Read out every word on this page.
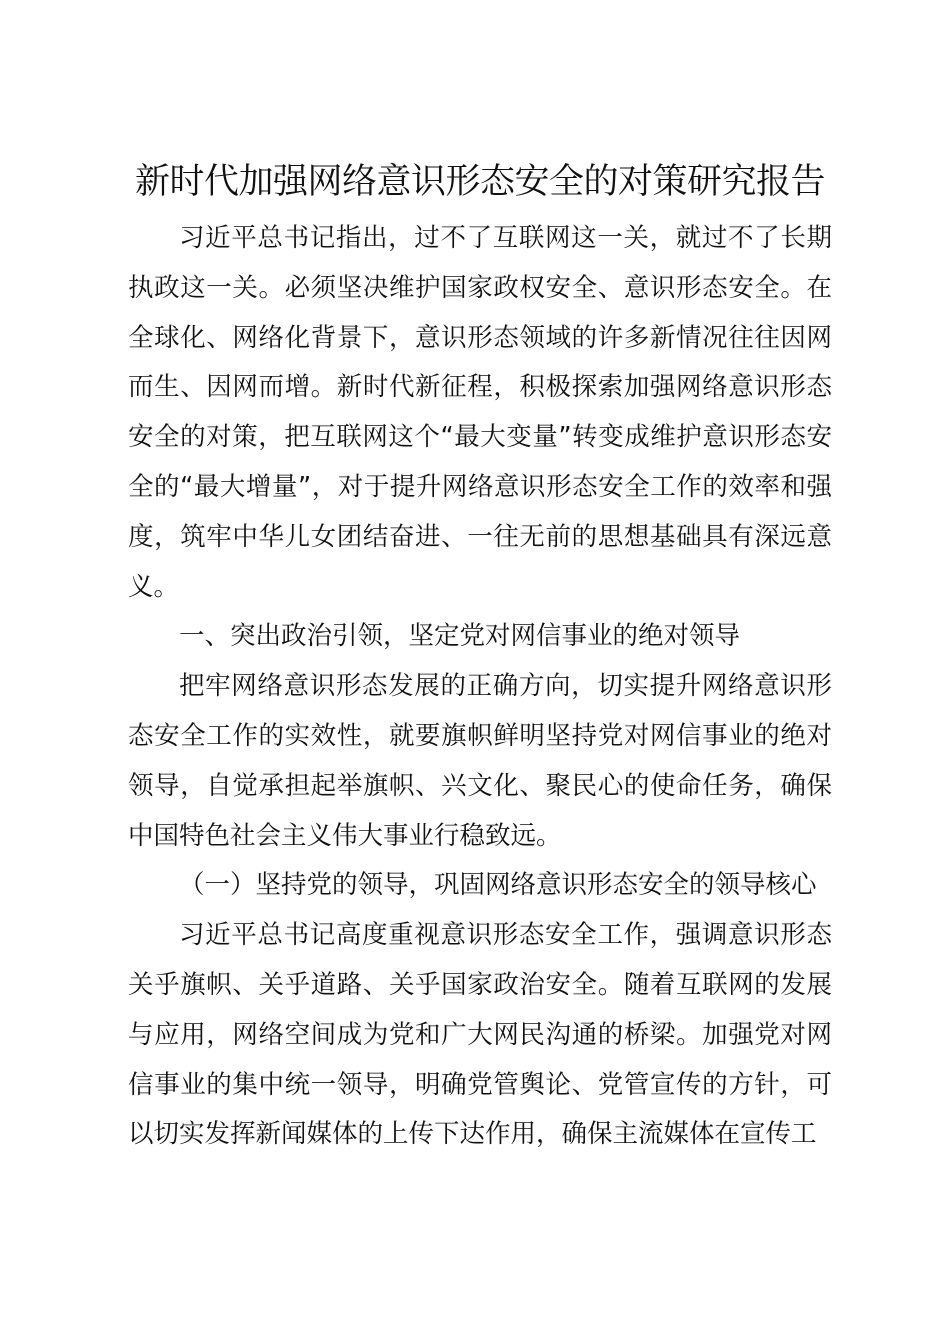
新时代加强网络意识形态安全的对策研究报告

习近平总书记指出，过不了互联网这一关，就过不了长期执政这一关。必须坚决维护国家政权安全、意识形态安全。在全球化、网络化背景下，意识形态领域的许多新情况往往因网而生、因网而增。新时代新征程，积极探索加强网络意识形态安全的对策，把互联网这个“最大变量”转变成维护意识形态安全的“最大增量”，对于提升网络意识形态安全工作的效率和强度，筑牢中华儿女团结奋进、一往无前的思想基础具有深远意义。

一、突出政治引领，坚定党对网信事业的绝对领导

把牢网络意识形态发展的正确方向，切实提升网络意识形态安全工作的实效性，就要旗帜鲜明坚持党对网信事业的绝对领导，自觉承担起举旗帜、兴文化、聚民心的使命任务，确保中国特色社会主义伟大事业行稳致远。

（一）坚持党的领导，巩固网络意识形态安全的领导核心

习近平总书记高度重视意识形态安全工作，强调意识形态关乎旗帜、关乎道路、关乎国家政治安全。随着互联网的发展与应用，网络空间成为党和广大网民沟通的桥梁。加强党对网信事业的集中统一领导，明确党管舆论、党管宣传的方针，可以切实发挥新闻媒体的上传下达作用，确保主流媒体在宣传工
